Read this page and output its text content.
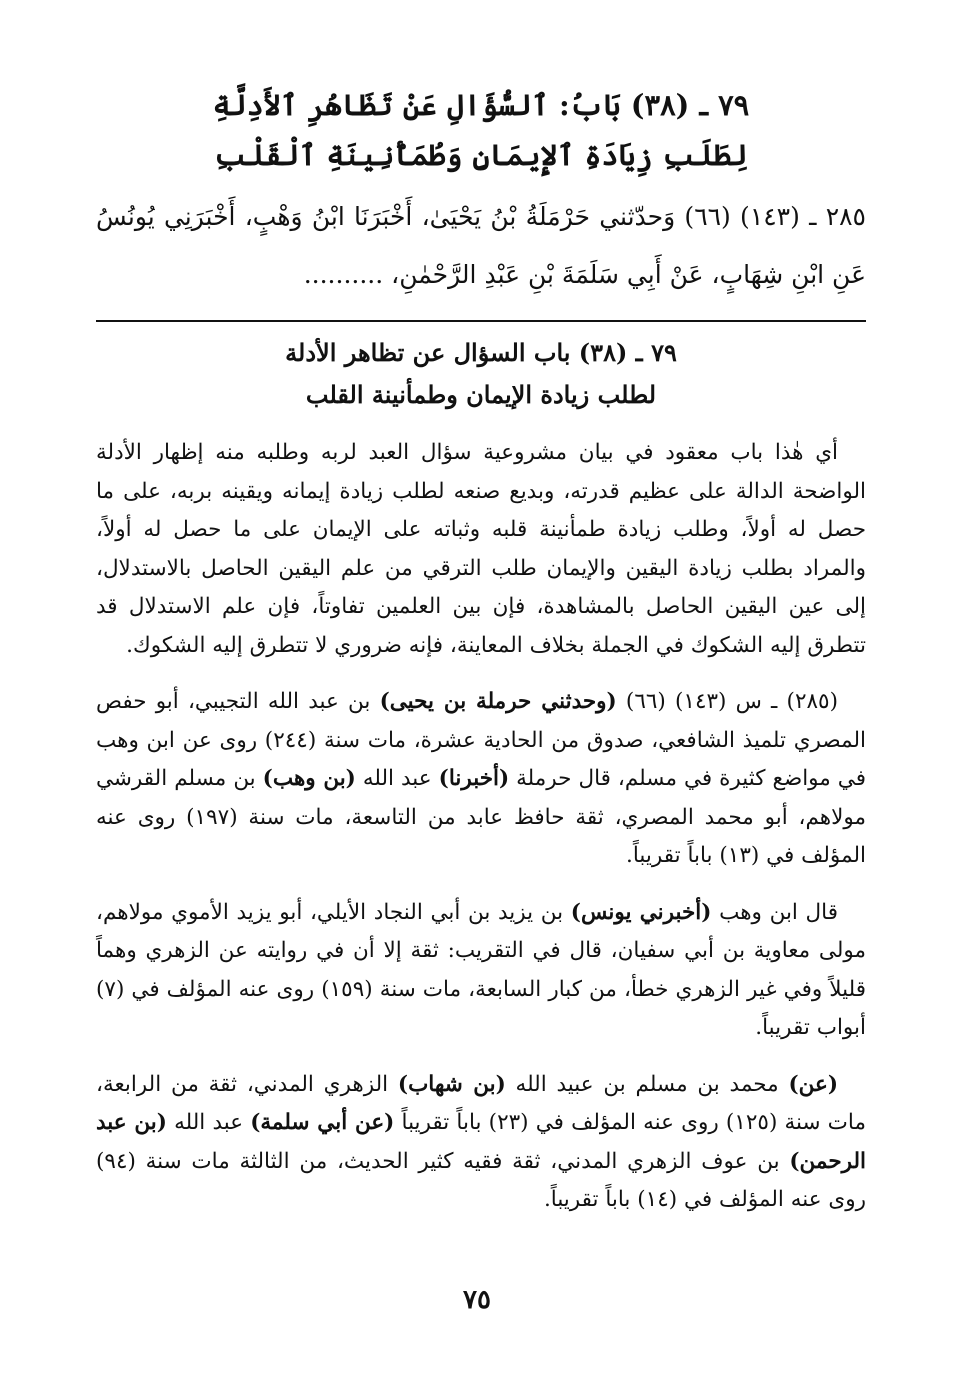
٧٩ ـ (٣٨) بَابُ: ٱلسُّؤَالِ عَنْ تَظَاهُرِ ٱلأَدِلَّةِ
لِطَلَبِ زِيَادَةِ ٱلإِيمَانِ وَطُمَأْنِينَةِ ٱلْقَلْبِ

٢٨٥ ـ (١٤٣) (٦٦) وَحدّثني حَرْمَلَةُ بْنُ يَحْيَىٰ، أَخْبَرَنَا ابْنُ وَهْبٍ، أَخْبَرَنِي يُونُسُ عَنِ ابْنِ شِهَابٍ، عَنْ أَبِي سَلَمَةَ بْنِ عَبْدِ الرَّحْمٰنِ، ..........

٧٩ ـ (٣٨) باب السؤال عن تظاهر الأدلة
لطلب زيادة الإيمان وطمأنينة القلب

أي هٰذا باب معقود في بيان مشروعية سؤال العبد لربه وطلبه منه إظهار الأدلة الواضحة الدالة على عظيم قدرته، وبديع صنعه لطلب زيادة إيمانه ويقينه بربه، على ما حصل له أولاً، وطلب زيادة طمأنينة قلبه وثباته على الإيمان على ما حصل له أولاً، والمراد بطلب زيادة اليقين والإيمان طلب الترقي من علم اليقين الحاصل بالاستدلال، إلى عين اليقين الحاصل بالمشاهدة، فإن بين العلمين تفاوتاً، فإن علم الاستدلال قد تتطرق إليه الشكوك في الجملة بخلاف المعاينة، فإنه ضروري لا تتطرق إليه الشكوك.

(٢٨٥) ـ س (١٤٣) (٦٦) (وحدثني حرملة بن يحيى) بن عبد الله التجيبي، أبو حفص المصري تلميذ الشافعي، صدوق من الحادية عشرة، مات سنة (٢٤٤) روى عن ابن وهب في مواضع كثيرة في مسلم، قال حرملة (أخبرنا) عبد الله (بن وهب) بن مسلم القرشي مولاهم، أبو محمد المصري، ثقة حافظ عابد من التاسعة، مات سنة (١٩٧) روى عنه المؤلف في (١٣) باباً تقريباً.

قال ابن وهب (أخبرني يونس) بن يزيد بن أبي النجاد الأيلي، أبو يزيد الأموي مولاهم، مولى معاوية بن أبي سفيان، قال في التقريب: ثقة إلا أن في روايته عن الزهري وهماً قليلاً وفي غير الزهري خطأ، من كبار السابعة، مات سنة (١٥٩) روى عنه المؤلف في (٧) أبواب تقريباً.

(عن) محمد بن مسلم بن عبيد الله (بن شهاب) الزهري المدني، ثقة من الرابعة، مات سنة (١٢٥) روى عنه المؤلف في (٢٣) باباً تقريباً (عن أبي سلمة) عبد الله (بن عبد الرحمن) بن عوف الزهري المدني، ثقة فقيه كثير الحديث، من الثالثة مات سنة (٩٤) روى عنه المؤلف في (١٤) باباً تقريباً.

٧٥
